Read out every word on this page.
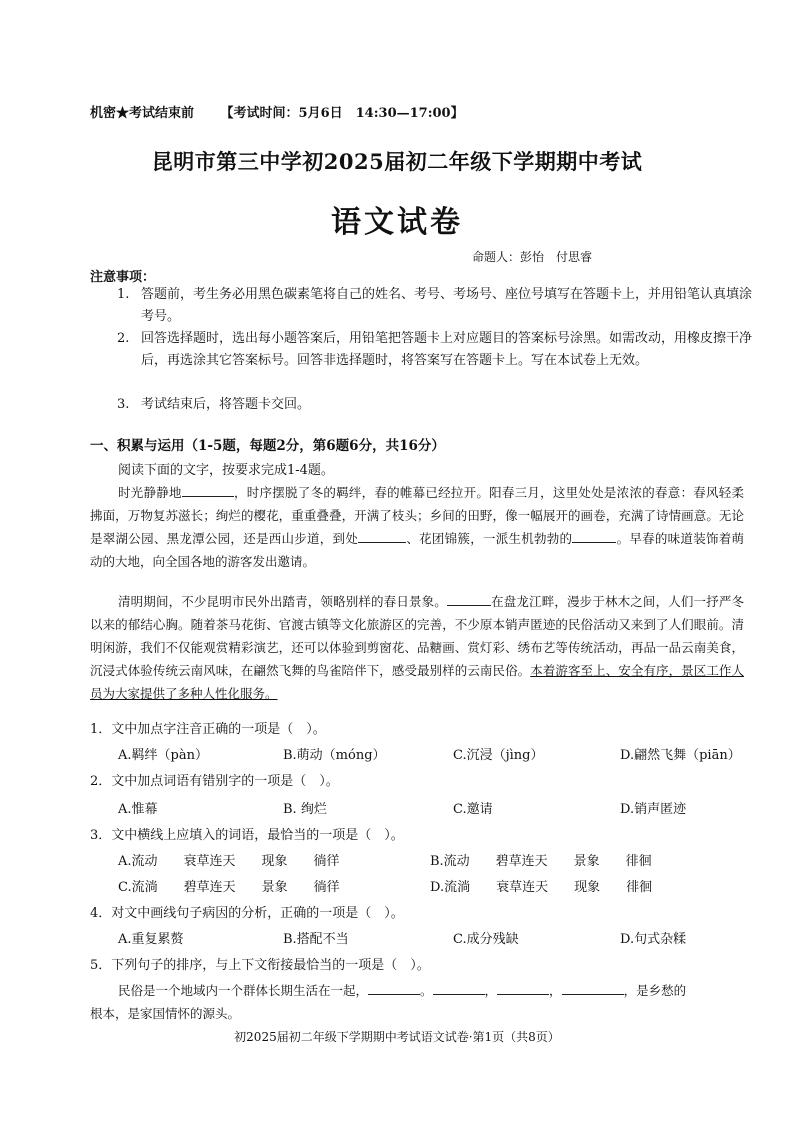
机密★考试结束前 【考试时间：5月6日　14:30—17:00】
昆明市第三中学初2025届初二年级下学期期中考试
语文试卷
命题人：彭怡　付思睿
注意事项：
1. 答题前，考生务必用黑色碳素笔将自己的姓名、考号、考场号、座位号填写在答题卡上，并用铅笔认真填涂考号。
2. 回答选择题时，选出每小题答案后，用铅笔把答题卡上对应题目的答案标号涂黑。如需改动，用橡皮擦干净后，再选涂其它答案标号。回答非选择题时，将答案写在答题卡上。写在本试卷上无效。
3. 考试结束后，将答题卡交回。
一、积累与运用（1-5题，每题2分，第6题6分，共16分）
阅读下面的文字，按要求完成1-4题。
时光静静地	，时序摆脱了冬的羁绊，春的帷幕已经拉开。阳春三月，这里处处是浓浓的春意：春风轻柔拂面，万物复苏滋长；绚烂的樱花，重重叠叠，开满了枝头；乡间的田野，像一幅展开的画卷，充满了诗情画意。无论是翠湖公园、黑龙潭公园，还是西山步道，到处	、花团锦簇，一派生机勃勃的	。早春的味道装饰着萌动的大地，向全国各地的游客发出邀请。
清明期间，不少昆明市民外出踏青，领略别样的春日景象。	在盘龙江畔，漫步于林木之间，人们一抒严冬以来的郁结心胸。随着茶马花街、官渡古镇等文化旅游区的完善，不少原本销声匿迹的民俗活动又来到了人们眼前。清明闲游，我们不仅能观赏精彩演艺，还可以体验到剪窗花、品糖画、赏灯彩、绣布艺等传统活动，再品一品云南美食，沉浸式体验传统云南风味，在翩然飞舞的鸟雀陪伴下，感受最别样的云南民俗。本着游客至上、安全有序，景区工作人员为大家提供了多种人性化服务。
1．文中加点字注音正确的一项是（　）。
A.羁绊（pàn）	B.萌动（móng）	C.沉浸（jìng）	D.翩然飞舞（piān）
2．文中加点词语有错别字的一项是（　）。
A.惟幕	B. 绚烂	C.邀请	D.销声匿迹
3．文中横线上应填入的词语，最恰当的一项是（　）。
A.流动　　衰草连天　　现象　　徜徉	B.流动　　碧草连天　　景象　　徘徊
C.流淌　　碧草连天　　景象　　徜徉	D.流淌　　衰草连天　　现象　　徘徊
4．对文中画线句子病因的分析，正确的一项是（　）。
A.重复累赘	B.搭配不当	C.成分残缺	D.句式杂糅
5．下列句子的排序，与上下文衔接最恰当的一项是（　）。
民俗是一个地域内一个群体长期生活在一起，	。	，	，	，是乡愁的
根本，是家国情怀的源头。
初2025届初二年级下学期期中考试语文试卷·第1页（共8页）
